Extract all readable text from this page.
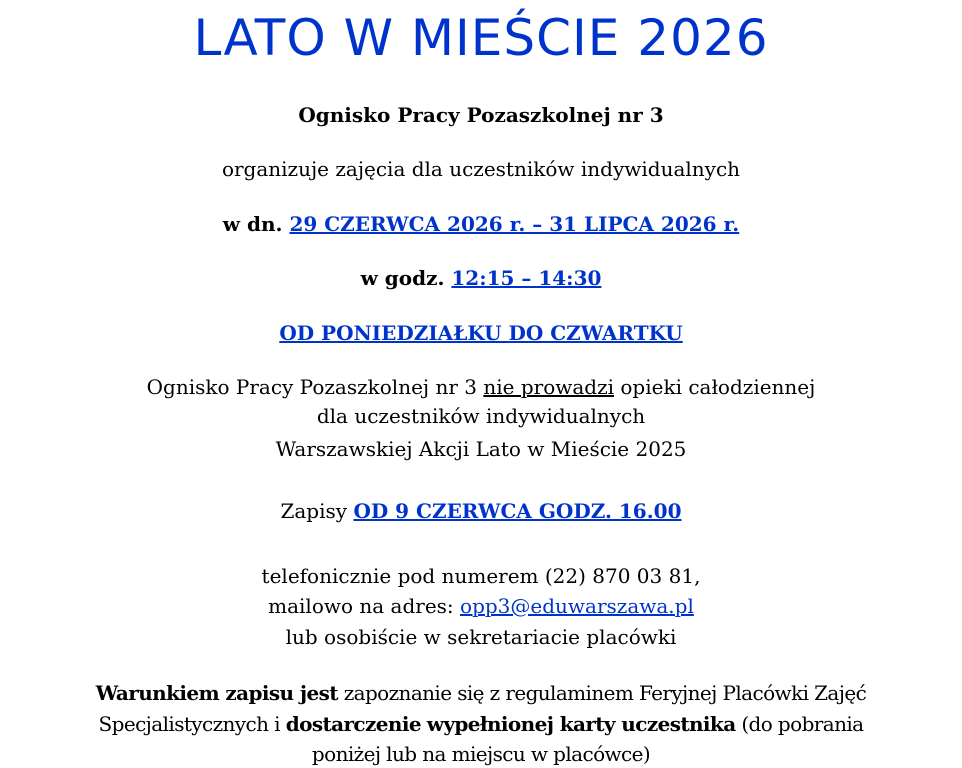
LATO W MIEŚCIE 2026
Ognisko Pracy Pozaszkolnej nr 3
organizuje zajęcia dla uczestników indywidualnych
w dn. 29 CZERWCA 2026 r. – 31 LIPCA 2026 r.
w godz. 12:15 – 14:30
OD PONIEDZIAŁKU DO CZWARTKU
Ognisko Pracy Pozaszkolnej nr 3 nie prowadzi opieki całodziennej
dla uczestników indywidualnych
Warszawskiej Akcji Lato w Mieście 2025
Zapisy OD 9 CZERWCA GODZ. 16.00
telefonicznie pod numerem (22) 870 03 81,
mailowo na adres: opp3@eduwarszawa.pl
lub osobiście w sekretariacie placówki
Warunkiem zapisu jest zapoznanie się z regulaminem Feryjnej Placówki Zajęć
Specjalistycznych i dostarczenie wypełnionej karty uczestnika (do pobrania
poniżej lub na miejscu w placówce)
